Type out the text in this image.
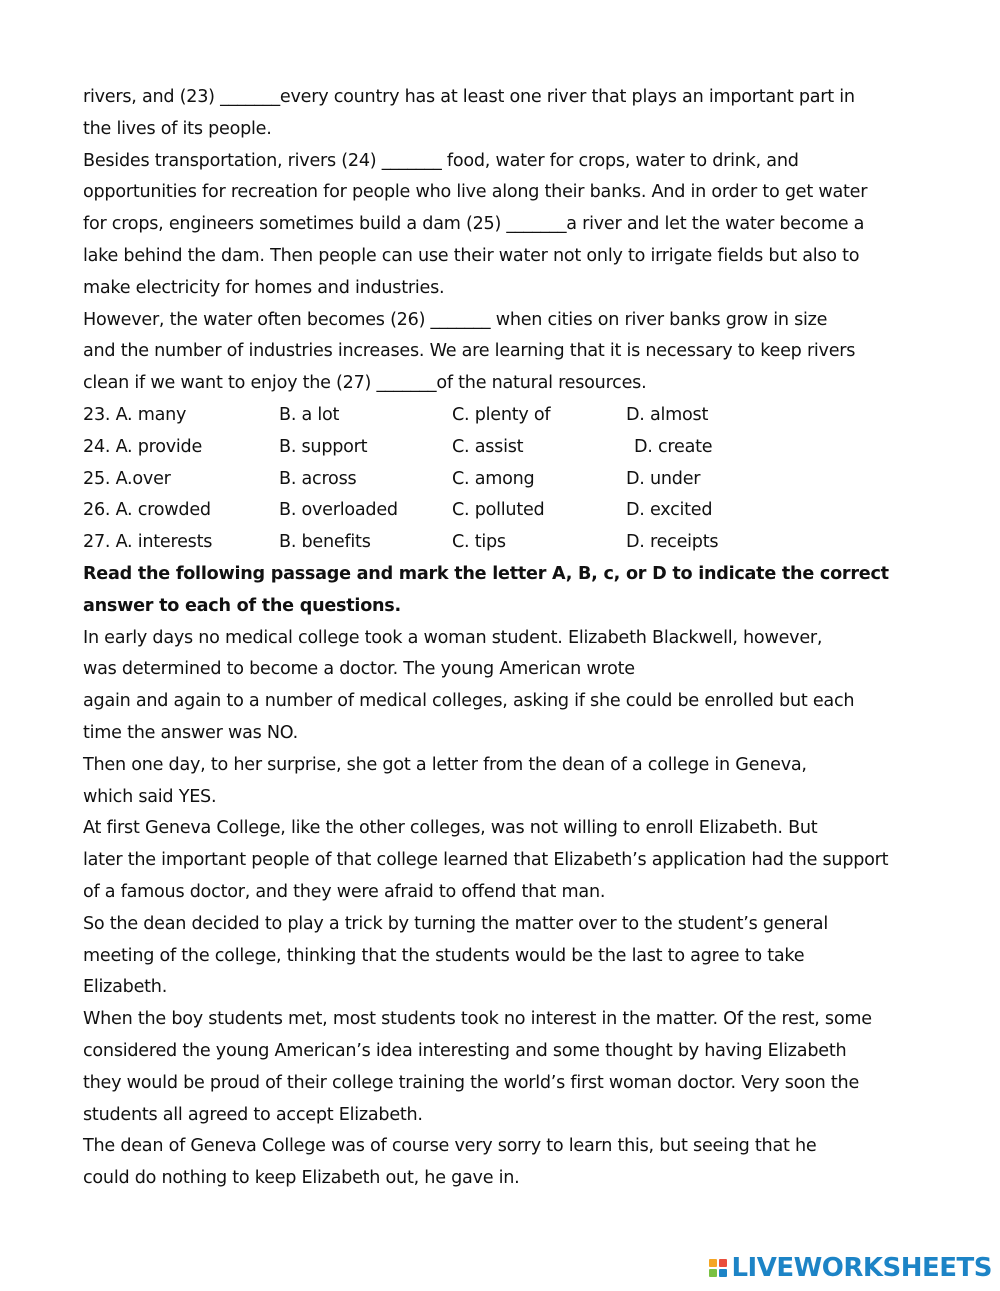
rivers, and (23) _______every country has at least one river that plays an important part in
the lives of its people.
Besides transportation, rivers (24) _______ food, water for crops, water to drink, and
opportunities for recreation for people who live along their banks. And in order to get water
for crops, engineers sometimes build a dam (25) _______a river and let the water become a
lake behind the dam. Then people can use their water not only to irrigate fields but also to
make electricity for homes and industries.
However, the water often becomes (26) _______ when cities on river banks grow in size
and the number of industries increases. We are learning that it is necessary to keep rivers
clean if we want to enjoy the (27) _______of the natural resources.
23. A. many	B. a lot	C. plenty of	D. almost
24. A. provide	B. support	C. assist	D. create
25. A.over	B. across	C. among	D. under
26. A. crowded	B. overloaded	C. polluted	D. excited
27. A. interests	B. benefits	C. tips	D. receipts
Read the following passage and mark the letter A, B, c, or D to indicate the correct
answer to each of the questions.
In early days no medical college took a woman student. Elizabeth Blackwell, however,
was determined to become a doctor. The young American wrote
again and again to a number of medical colleges, asking if she could be enrolled but each
time the answer was NO.
Then one day, to her surprise, she got a letter from the dean of a college in Geneva,
which said YES.
At first Geneva College, like the other colleges, was not willing to enroll Elizabeth. But
later the important people of that college learned that Elizabeth’s application had the support
of a famous doctor, and they were afraid to offend that man.
So the dean decided to play a trick by turning the matter over to the student’s general
meeting of the college, thinking that the students would be the last to agree to take
Elizabeth.
When the boy students met, most students took no interest in the matter. Of the rest, some
considered the young American’s idea interesting and some thought by having Elizabeth
they would be proud of their college training the world’s first woman doctor. Very soon the
students all agreed to accept Elizabeth.
The dean of Geneva College was of course very sorry to learn this, but seeing that he
could do nothing to keep Elizabeth out, he gave in.
LIVEWORKSHEETS
